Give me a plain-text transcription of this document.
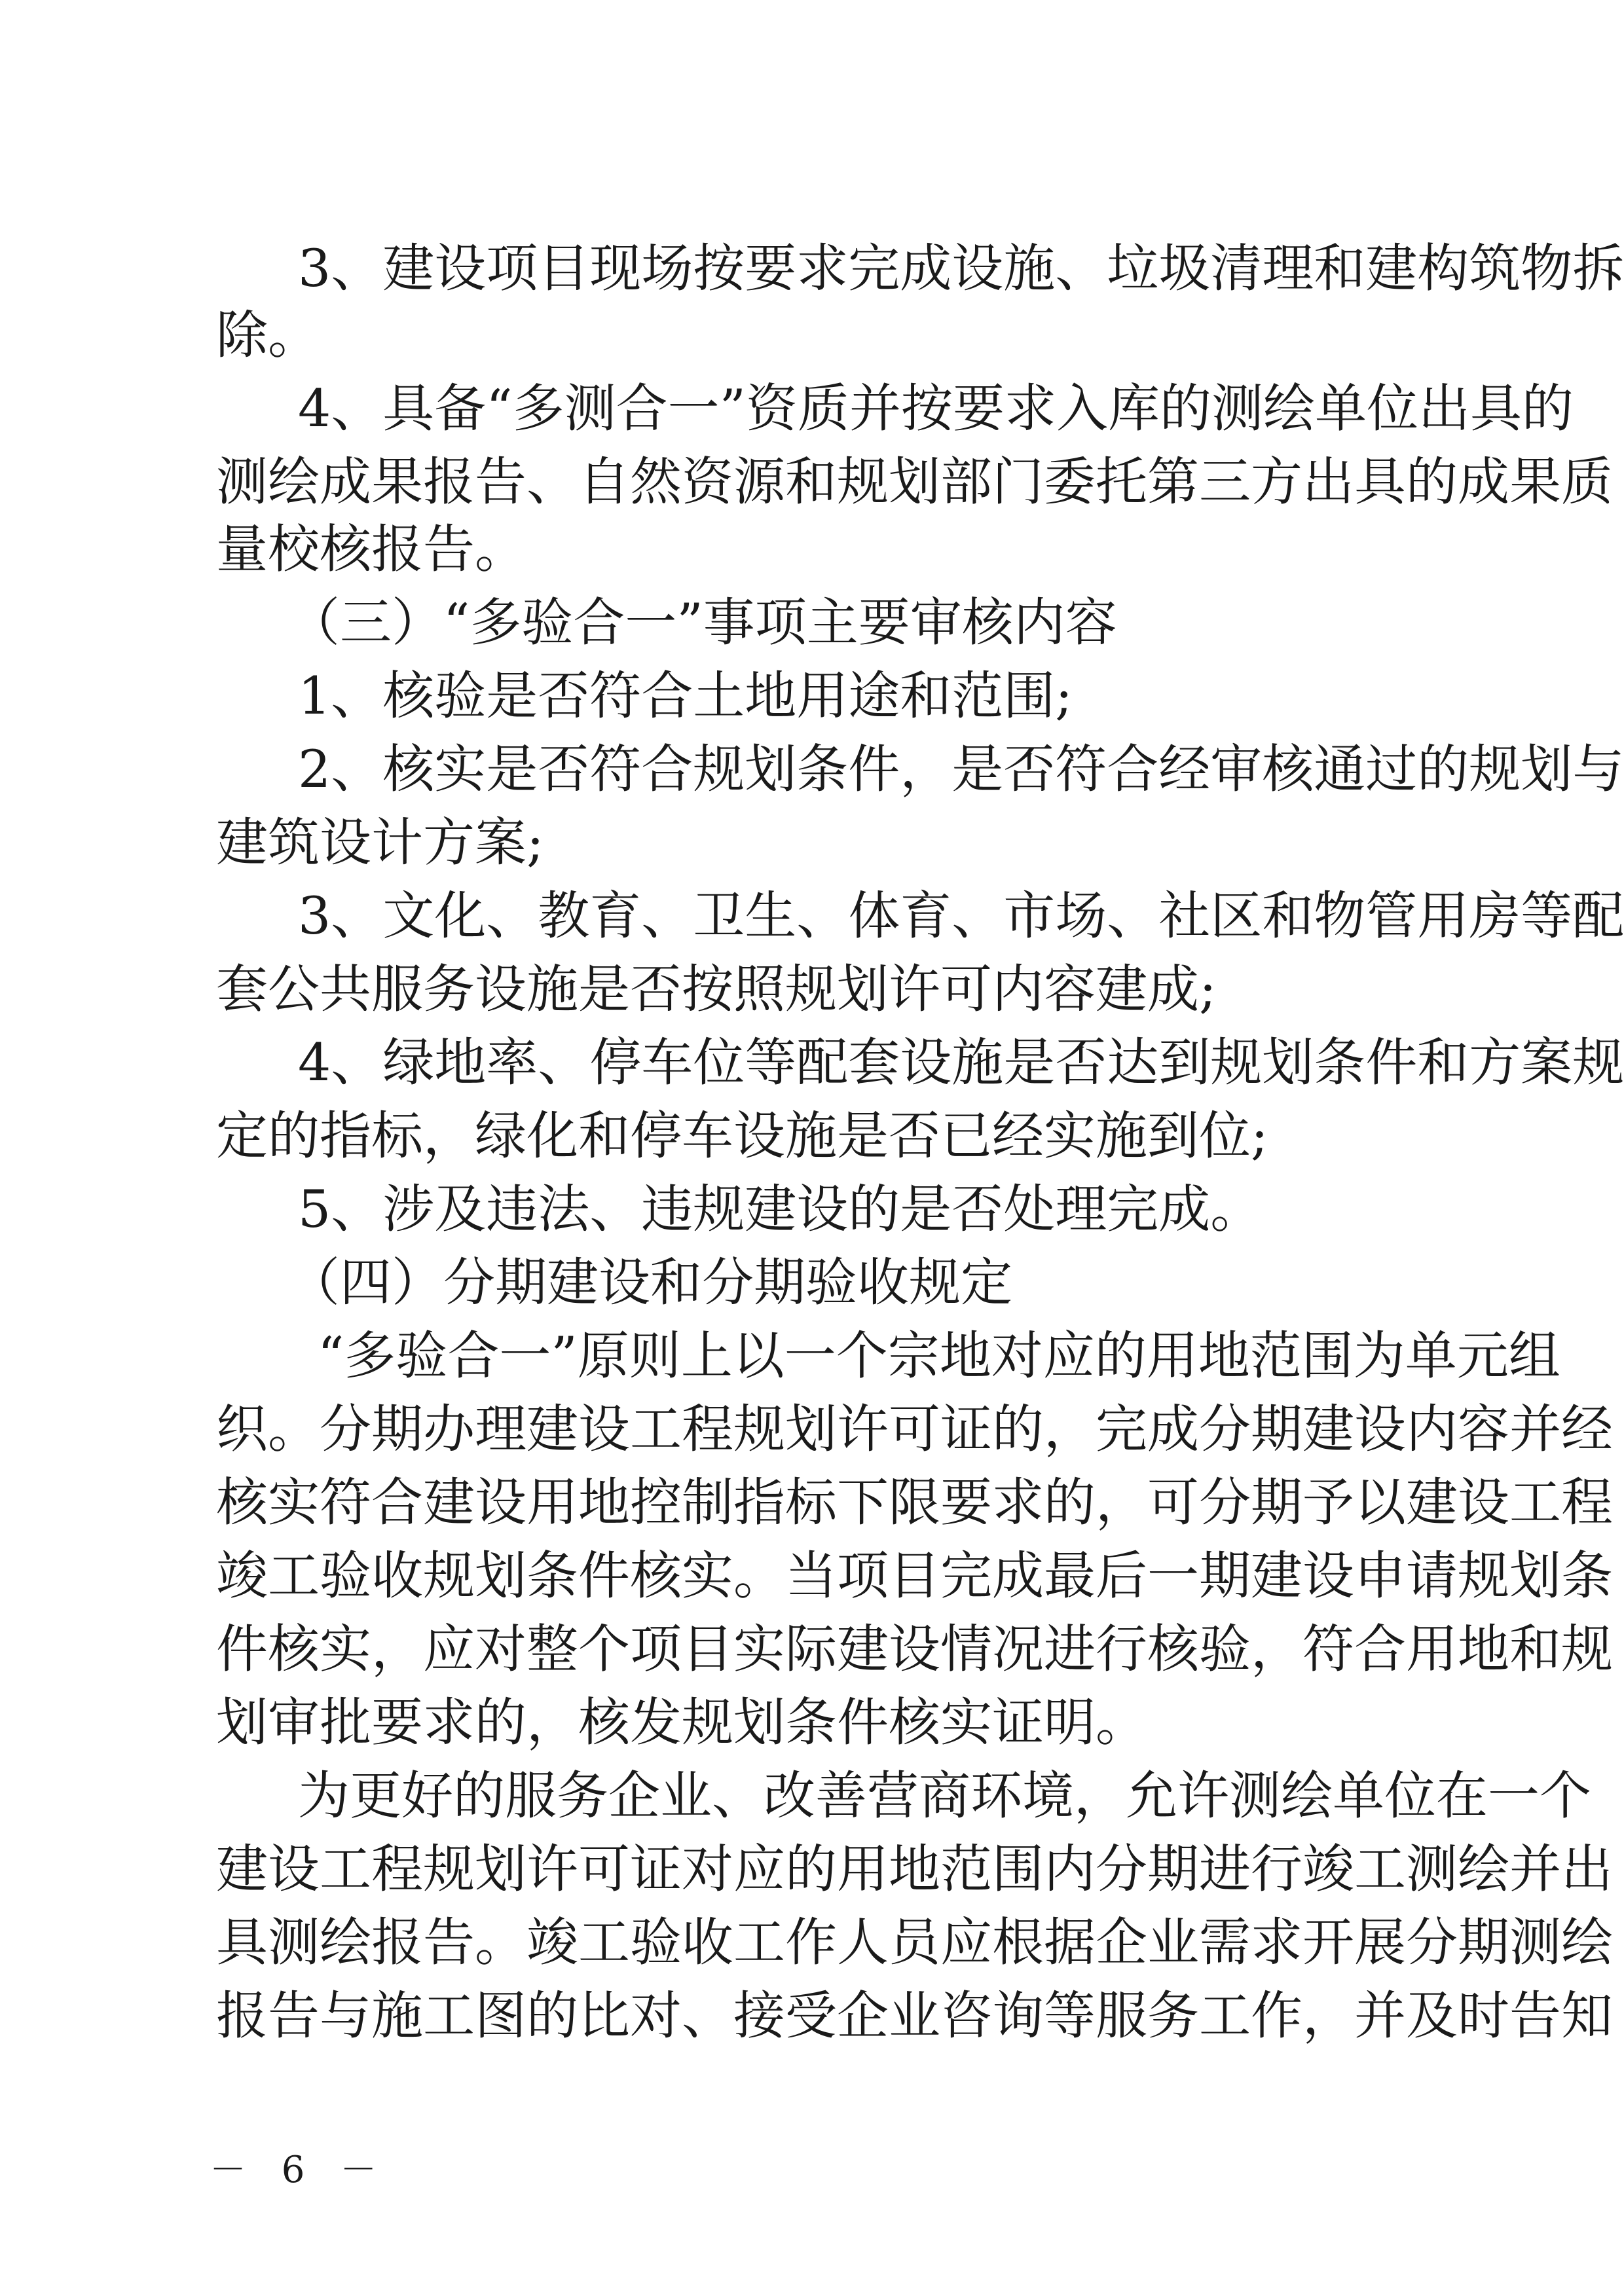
3、建设项目现场按要求完成设施、垃圾清理和建构筑物拆
除。
4、具备“多测合一”资质并按要求入库的测绘单位出具的
测绘成果报告、自然资源和规划部门委托第三方出具的成果质
量校核报告。
（三）“多验合一”事项主要审核内容
1、核验是否符合土地用途和范围;
2、核实是否符合规划条件，是否符合经审核通过的规划与
建筑设计方案;
3、文化、教育、卫生、体育、市场、社区和物管用房等配
套公共服务设施是否按照规划许可内容建成;
4、绿地率、停车位等配套设施是否达到规划条件和方案规
定的指标，绿化和停车设施是否已经实施到位;
5、涉及违法、违规建设的是否处理完成。
（四）分期建设和分期验收规定
“多验合一”原则上以一个宗地对应的用地范围为单元组
织。分期办理建设工程规划许可证的，完成分期建设内容并经
核实符合建设用地控制指标下限要求的，可分期予以建设工程
竣工验收规划条件核实。当项目完成最后一期建设申请规划条
件核实，应对整个项目实际建设情况进行核验，符合用地和规
划审批要求的，核发规划条件核实证明。
为更好的服务企业、改善营商环境，允许测绘单位在一个
建设工程规划许可证对应的用地范围内分期进行竣工测绘并出
具测绘报告。竣工验收工作人员应根据企业需求开展分期测绘
报告与施工图的比对、接受企业咨询等服务工作，并及时告知
－ 6 －
